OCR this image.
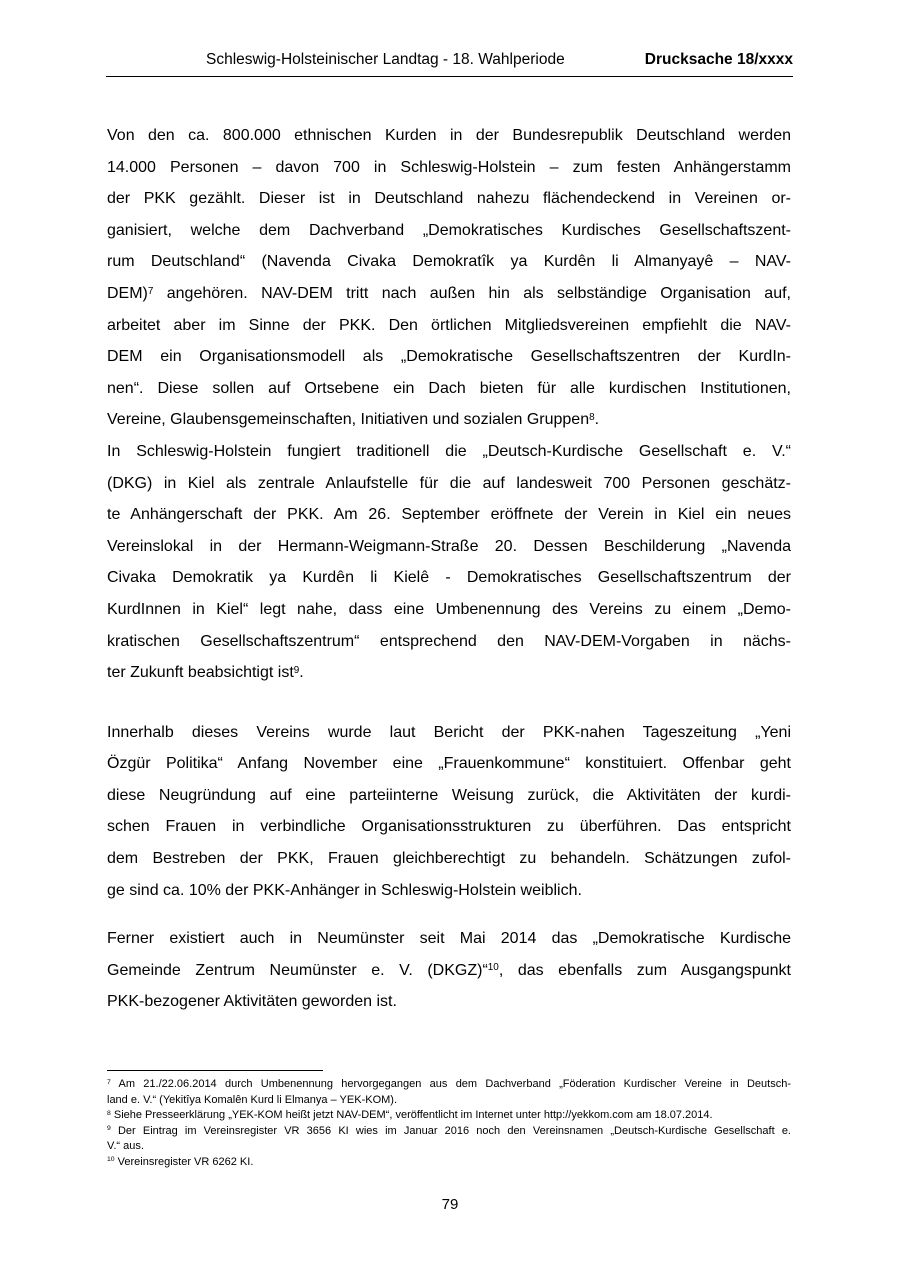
Schleswig-Holsteinischer Landtag - 18. Wahlperiode	Drucksache 18/xxxx
Von den ca. 800.000 ethnischen Kurden in der Bundesrepublik Deutschland werden
14.000 Personen – davon 700 in Schleswig-Holstein – zum festen Anhängerstamm
der PKK gezählt. Dieser ist in Deutschland nahezu flächendeckend in Vereinen or-
ganisiert, welche dem Dachverband „Demokratisches Kurdisches Gesellschaftszent-
rum Deutschland“ (Navenda Civaka Demokratîk ya Kurdên li Almanyayê – NAV-
DEM)$^7$ angehören. NAV-DEM tritt nach außen hin als selbständige Organisation auf,
arbeitet aber im Sinne der PKK. Den örtlichen Mitgliedsvereinen empfiehlt die NAV-
DEM ein Organisationsmodell als „Demokratische Gesellschaftszentren der KurdIn-
nen“. Diese sollen auf Ortsebene ein Dach bieten für alle kurdischen Institutionen,
Vereine, Glaubensgemeinschaften, Initiativen und sozialen Gruppen$^8$.
In Schleswig-Holstein fungiert traditionell die „Deutsch-Kurdische Gesellschaft e. V.“
(DKG) in Kiel als zentrale Anlaufstelle für die auf landesweit 700 Personen geschätz-
te Anhängerschaft der PKK. Am 26. September eröffnete der Verein in Kiel ein neues
Vereinslokal in der Hermann-Weigmann-Straße 20. Dessen Beschilderung „Navenda
Civaka Demokratik ya Kurdên li Kielê - Demokratisches Gesellschaftszentrum der
KurdInnen in Kiel“ legt nahe, dass eine Umbenennung des Vereins zu einem „Demo-
kratischen Gesellschaftszentrum“ entsprechend den NAV-DEM-Vorgaben in nächs-
ter Zukunft beabsichtigt ist$^9$.
Innerhalb dieses Vereins wurde laut Bericht der PKK-nahen Tageszeitung „Yeni
Özgür Politika“ Anfang November eine „Frauenkommune“ konstituiert. Offenbar geht
diese Neugründung auf eine parteiinterne Weisung zurück, die Aktivitäten der kurdi-
schen Frauen in verbindliche Organisationsstrukturen zu überführen. Das entspricht
dem Bestreben der PKK, Frauen gleichberechtigt zu behandeln. Schätzungen zufol-
ge sind ca. 10% der PKK-Anhänger in Schleswig-Holstein weiblich.
Ferner existiert auch in Neumünster seit Mai 2014 das „Demokratische Kurdische
Gemeinde Zentrum Neumünster e. V. (DKGZ)“$^{10}$, das ebenfalls zum Ausgangspunkt
PKK-bezogener Aktivitäten geworden ist.
$^7$ Am 21./22.06.2014 durch Umbenennung hervorgegangen aus dem Dachverband „Föderation Kurdischer Vereine in Deutsch-
land e. V.“ (Yekitîya Komalên Kurd li Elmanya – YEK-KOM).
$^8$ Siehe Presseerklärung „YEK-KOM heißt jetzt NAV-DEM“, veröffentlicht im Internet unter http://yekkom.com am 18.07.2014.
$^9$ Der Eintrag im Vereinsregister VR 3656 KI wies im Januar 2016 noch den Vereinsnamen „Deutsch-Kurdische Gesellschaft e.
V.“ aus.
$^{10}$ Vereinsregister VR 6262 KI.
79
